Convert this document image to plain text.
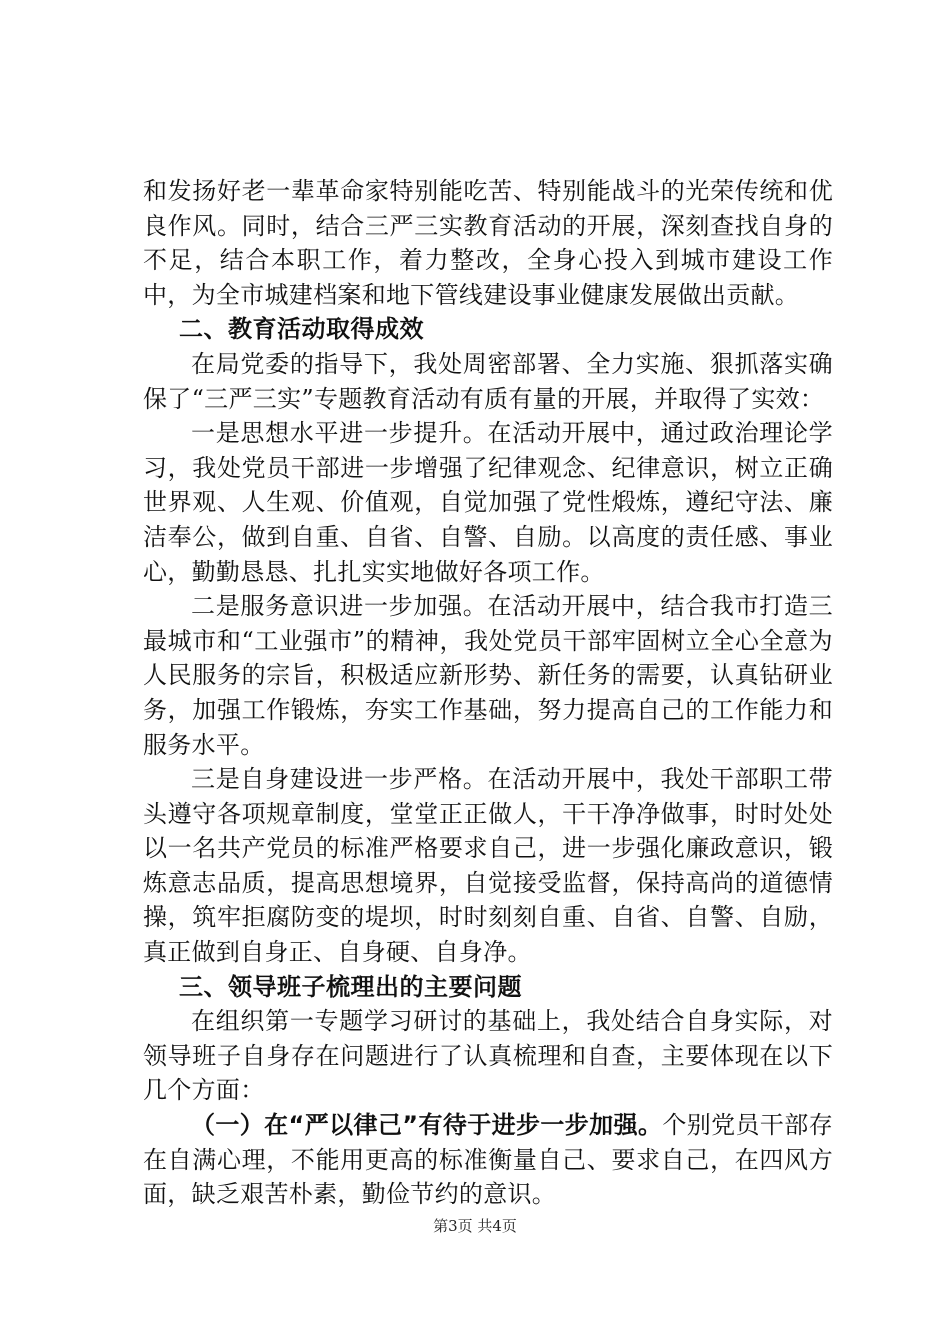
和发扬好老一辈革命家特别能吃苦、特别能战斗的光荣传统和优良作风。同时，结合三严三实教育活动的开展，深刻查找自身的不足，结合本职工作，着力整改，全身心投入到城市建设工作中，为全市城建档案和地下管线建设事业健康发展做出贡献。

二、教育活动取得成效

在局党委的指导下，我处周密部署、全力实施、狠抓落实确保了“三严三实”专题教育活动有质有量的开展，并取得了实效：

一是思想水平进一步提升。在活动开展中，通过政治理论学习，我处党员干部进一步增强了纪律观念、纪律意识，树立正确世界观、人生观、价值观，自觉加强了党性煅炼，遵纪守法、廉洁奉公，做到自重、自省、自警、自励。以高度的责任感、事业心，勤勤恳恳、扎扎实实地做好各项工作。

二是服务意识进一步加强。在活动开展中，结合我市打造三最城市和“工业强市”的精神，我处党员干部牢固树立全心全意为人民服务的宗旨，积极适应新形势、新任务的需要，认真钻研业务，加强工作锻炼，夯实工作基础，努力提高自己的工作能力和服务水平。

三是自身建设进一步严格。在活动开展中，我处干部职工带头遵守各项规章制度，堂堂正正做人，干干净净做事，时时处处以一名共产党员的标准严格要求自己，进一步强化廉政意识，锻炼意志品质，提高思想境界，自觉接受监督，保持高尚的道德情操，筑牢拒腐防变的堤坝，时时刻刻自重、自省、自警、自励，真正做到自身正、自身硬、自身净。

三、领导班子梳理出的主要问题

在组织第一专题学习研讨的基础上，我处结合自身实际，对领导班子自身存在问题进行了认真梳理和自查，主要体现在以下几个方面：

（一）在“严以律己”有待于进步一步加强。个别党员干部存在自满心理，不能用更高的标准衡量自己、要求自己，在四风方面，缺乏艰苦朴素，勤俭节约的意识。

第3页 共4页
